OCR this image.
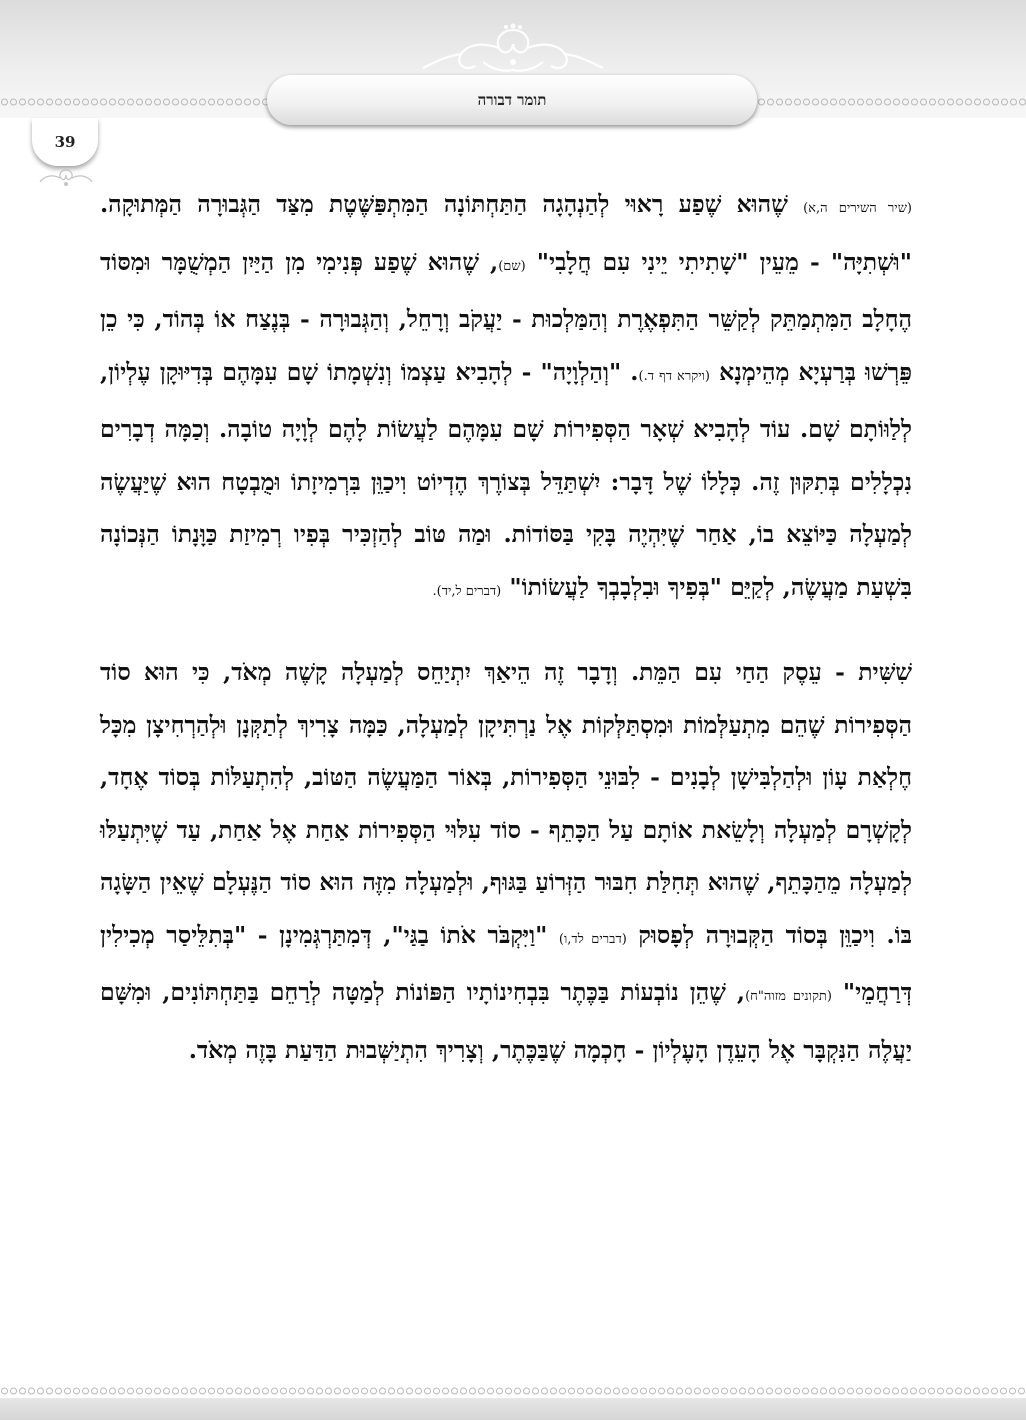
תומר דבורה
39

(שיר השירים ה,א) שֶׁהוּא שֶׁפַע רָאוּי לְהַנְהָגָה הַתַּחְתּוֹנָה הַמִּתְפַּשֶּׁטֶת מִצַּד הַגְּבוּרָה הַמְּתוּקָה. "וּשְׁתִיָּה" - מֵעֵין "שָׁתִיתִי יֵינִי עִם חֲלָבִי" (שם), שֶׁהוּא שֶׁפַע פְּנִימִי מִן הַיַּיִן הַמְשֻׁמָּר וּמִסּוֹד הֶחָלָב הַמִּתְמַתֵּק לְקַשֵּׁר הַתִּפְאֶרֶת וְהַמַּלְכוּת - יַעֲקֹב וְרָחֵל, וְהַגְּבוּרָה - בְּנֶצַח אוֹ בְּהוֹד, כִּי כֵן פֵּרְשׁוּ בְּרַעְיָא מְהֵימְנָא (ויקרא דף ד.). "וְהַלְוָיָה" - לְהָבִיא עַצְמוֹ וְנִשְׁמָתוֹ שָׁם עִמָּהֶם בְּדִיּוּקָן עֶלְיוֹן, לְלַוּוֹתָם שָׁם. עוֹד לְהָבִיא שְׁאָר הַסְּפִירוֹת שָׁם עִמָּהֶם לַעֲשׂוֹת לָהֶם לְוָיָה טוֹבָה. וְכַמָּה דְבָרִים נִכְלָלִים בְּתִקּוּן זֶה. כְּלָלוֹ שֶׁל דָּבָר: יִשְׁתַּדֵּל בְּצוֹרֶךְ הֶדְיוֹט וִיכַוֵּן בִּרְמִיזָתוֹ וּמֻבְטָח הוּא שֶׁיַּעֲשֶׂה לְמַעְלָה כַּיּוֹצֵא בוֹ, אַחַר שֶׁיִּהְיֶה בָּקִי בַּסּוֹדוֹת. וּמַה טּוֹב לְהַזְכִּיר בְּפִיו רְמִיזַת כַּוָּנָתוֹ הַנְּכוֹנָה בִּשְׁעַת מַעֲשֶׂה, לְקַיֵּם "בְּפִיךָ וּבִלְבָבְךָ לַעֲשׂוֹתוֹ" (דברים ל,יד).

שִׁשִּׁית - עֵסֶק הַחַי עִם הַמֵּת. וְדָבָר זֶה הֵיאַךְ יִתְיַחֵס לְמַעְלָה קָשֶׁה מְאֹד, כִּי הוּא סוֹד הַסְּפִירוֹת שֶׁהֵם מִתְעַלְּמוֹת וּמִסְתַּלְּקוֹת אֶל נַרְתִּיקָן לְמַעְלָה, כַּמָּה צָרִיךְ לְתַקְּנָן וּלְהַרְחִיצָן מִכָּל חֶלְאַת עָוֹן וּלְהַלְבִּישָׁן לְבָנִים - לִבּוּנֵי הַסְּפִירוֹת, בְּאוֹר הַמַּעֲשֶׂה הַטּוֹב, לְהִתְעַלּוֹת בְּסוֹד אֶחָד, לְקָשְׁרָם לְמַעְלָה וְלָשֵׂאת אוֹתָם עַל הַכָּתֵף - סוֹד עִלּוּי הַסְּפִירוֹת אַחַת אֶל אַחַת, עַד שֶׁיִּתְעַלּוּ לְמַעְלָה מֵהַכָּתֵף, שֶׁהוּא תְּחִלַּת חִבּוּר הַזְּרוֹעַ בַּגּוּף, וּלְמַעְלָה מִזֶּה הוּא סוֹד הַנֶּעְלָם שֶׁאֵין הַשָּׂגָה בּוֹ. וִיכַוֵּן בְּסוֹד הַקְּבוּרָה לְפָסוּק (דברים לד,ו) "וַיִּקְבֹּר אֹתוֹ בַגַּי", דְּמִתַּרְגְּמִינָן - "בְּתִלֵּיסַר מְכִילִין דְּרַחֲמֵי" (תקונים מזוה"ח), שֶׁהֵן נוֹבְעוֹת בַּכֶּתֶר בִּבְחִינוֹתָיו הַפּוֹנוֹת לְמַטָּה לְרַחֵם בַּתַּחְתּוֹנִים, וּמִשָּׁם יַעֲלֶה הַנִּקְבָּר אֶל הָעֵדֶן הָעֶלְיוֹן - חָכְמָה שֶׁבַּכֶּתֶר, וְצָרִיךְ הִתְיַשְּׁבוּת הַדַּעַת בָּזֶה מְאֹד.
